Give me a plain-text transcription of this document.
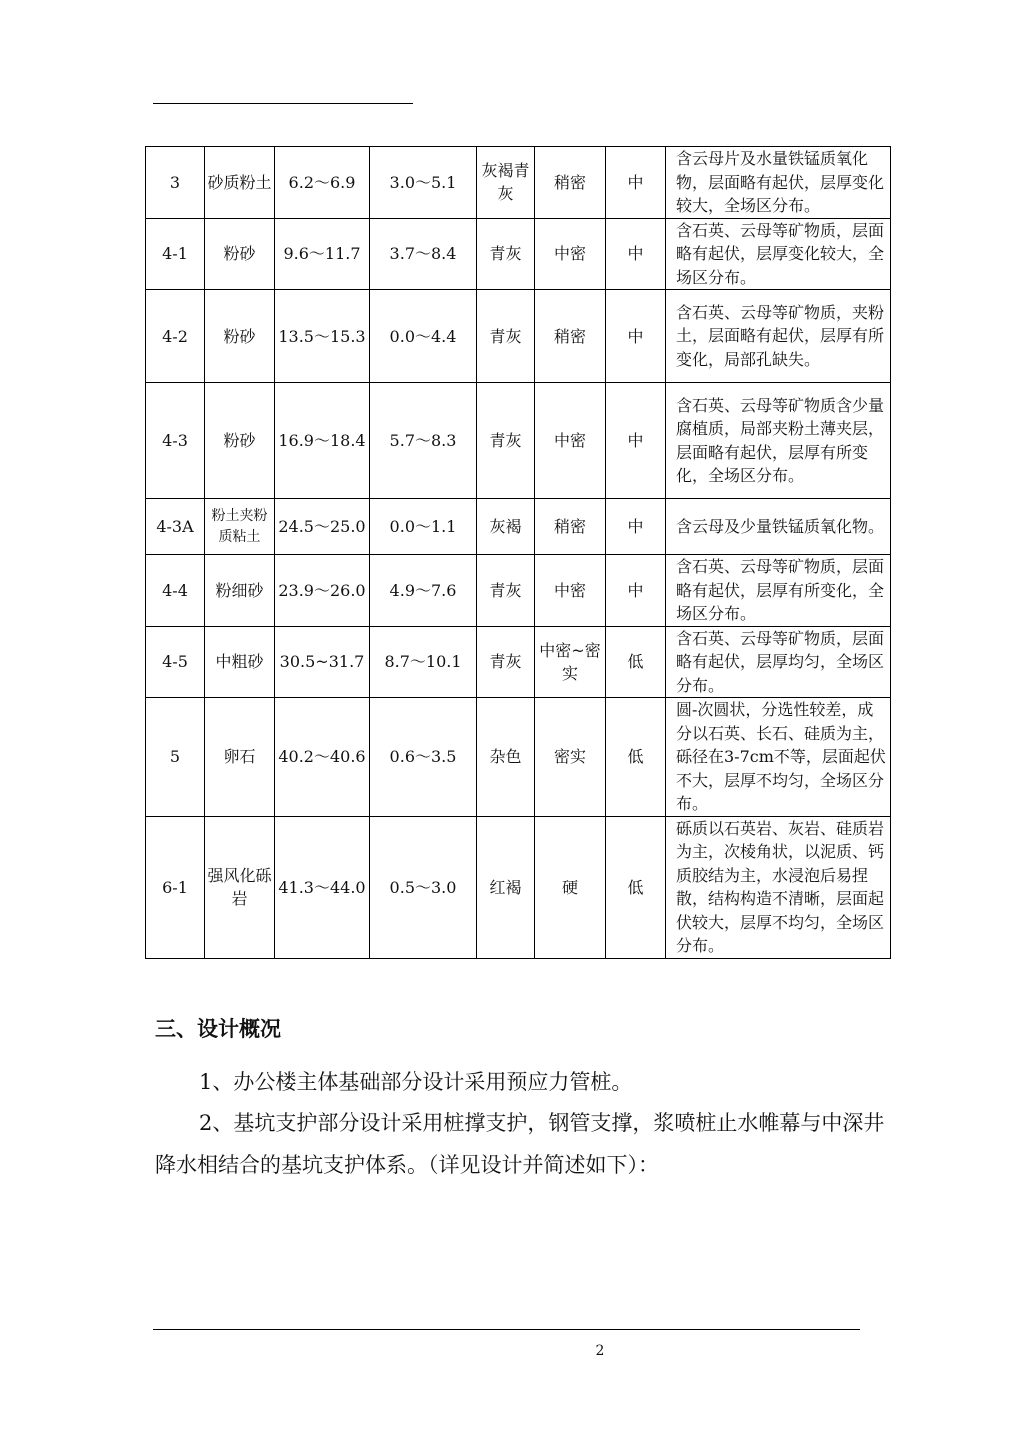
3	砂质粉土	6.2～6.9	3.0～5.1	灰褐青灰	稍密	中	含云母片及水量铁锰质氧化物，层面略有起伏，层厚变化较大，全场区分布。
4-1	粉砂	9.6～11.7	3.7～8.4	青灰	中密	中	含石英、云母等矿物质，层面略有起伏，层厚变化较大，全场区分布。
4-2	粉砂	13.5～15.3	0.0～4.4	青灰	稍密	中	含石英、云母等矿物质，夹粉土，层面略有起伏，层厚有所变化，局部孔缺失。
4-3	粉砂	16.9～18.4	5.7～8.3	青灰	中密	中	含石英、云母等矿物质含少量腐植质，局部夹粉土薄夹层，层面略有起伏，层厚有所变化，全场区分布。
4-3A	粉土夹粉质粘土	24.5～25.0	0.0～1.1	灰褐	稍密	中	含云母及少量铁锰质氧化物。
4-4	粉细砂	23.9～26.0	4.9～7.6	青灰	中密	中	含石英、云母等矿物质，层面略有起伏，层厚有所变化，全场区分布。
4-5	中粗砂	30.5~31.7	8.7～10.1	青灰	中密~密实	低	含石英、云母等矿物质，层面略有起伏，层厚均匀，全场区分布。
5	卵石	40.2～40.6	0.6～3.5	杂色	密实	低	圆-次圆状，分选性较差，成分以石英、长石、硅质为主，砾径在3-7cm不等，层面起伏不大，层厚不均匀，全场区分布。
6-1	强风化砾岩	41.3～44.0	0.5～3.0	红褐	硬	低	砾质以石英岩、灰岩、硅质岩为主，次棱角状，以泥质、钙质胶结为主，水浸泡后易捏散，结构构造不清晰，层面起伏较大，层厚不均匀，全场区分布。
三、设计概况

1、办公楼主体基础部分设计采用预应力管桩。

2、基坑支护部分设计采用桩撑支护，钢管支撑，浆喷桩止水帷幕与中深井降水相结合的基坑支护体系。（详见设计并简述如下）：

2
